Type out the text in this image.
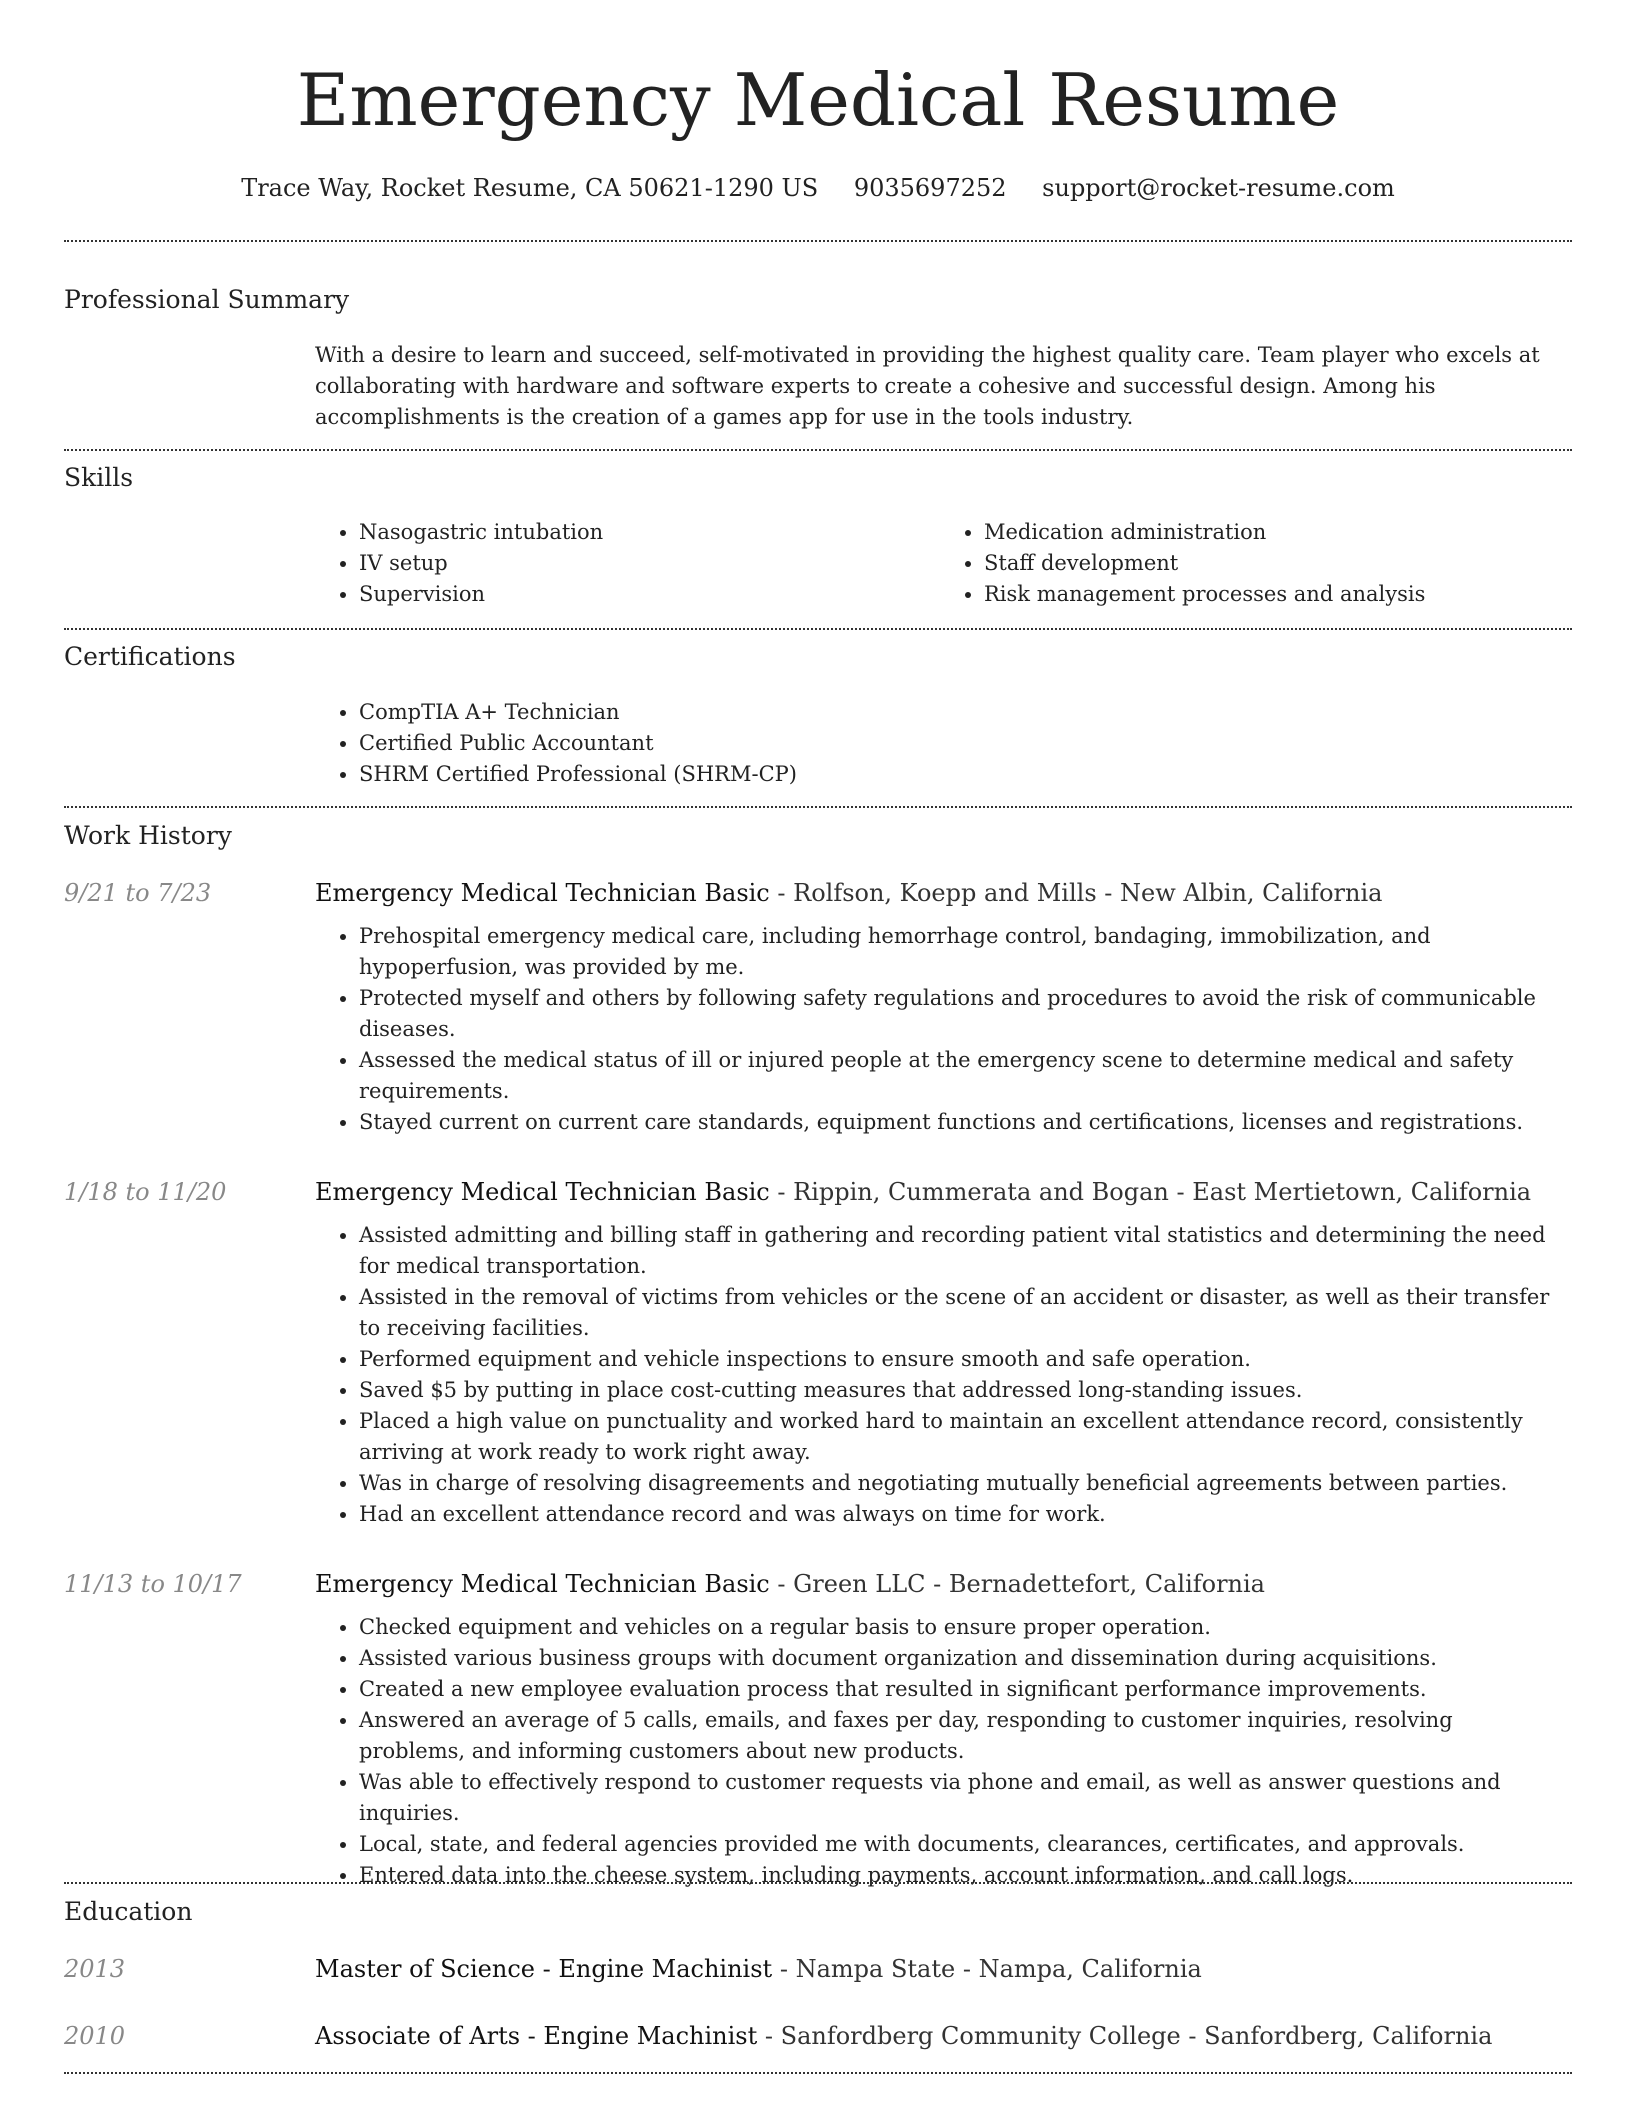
Emergency Medical Resume
Trace Way, Rocket Resume, CA 50621-1290 US 9035697252 support@rocket-resume.com
Professional Summary

With a desire to learn and succeed, self-motivated in providing the highest quality care. Team player who excels at collaborating with hardware and software experts to create a cohesive and successful design. Among his accomplishments is the creation of a games app for use in the tools industry.

Skills
• Nasogastric intubation
• IV setup
• Supervision
• Medication administration
• Staff development
• Risk management processes and analysis
Certifications
• CompTIA A+ Technician
• Certified Public Accountant
• SHRM Certified Professional (SHRM-CP)
Work History
9/21 to 7/23	Emergency Medical Technician Basic - Rolfson, Koepp and Mills - New Albin, California

• Prehospital emergency medical care, including hemorrhage control, bandaging, immobilization, and hypoperfusion, was provided by me.
• Protected myself and others by following safety regulations and procedures to avoid the risk of communicable diseases.
• Assessed the medical status of ill or injured people at the emergency scene to determine medical and safety requirements.
• Stayed current on current care standards, equipment functions and certifications, licenses and registrations.
1/18 to 11/20	Emergency Medical Technician Basic - Rippin, Cummerata and Bogan - East Mertietown, California

• Assisted admitting and billing staff in gathering and recording patient vital statistics and determining the need for medical transportation.
• Assisted in the removal of victims from vehicles or the scene of an accident or disaster, as well as their transfer to receiving facilities.
• Performed equipment and vehicle inspections to ensure smooth and safe operation.
• Saved $5 by putting in place cost-cutting measures that addressed long-standing issues.
• Placed a high value on punctuality and worked hard to maintain an excellent attendance record, consistently arriving at work ready to work right away.
• Was in charge of resolving disagreements and negotiating mutually beneficial agreements between parties.
• Had an excellent attendance record and was always on time for work.
11/13 to 10/17	Emergency Medical Technician Basic - Green LLC - Bernadettefort, California

• Checked equipment and vehicles on a regular basis to ensure proper operation.
• Assisted various business groups with document organization and dissemination during acquisitions.
• Created a new employee evaluation process that resulted in significant performance improvements.
• Answered an average of 5 calls, emails, and faxes per day, responding to customer inquiries, resolving problems, and informing customers about new products.
• Was able to effectively respond to customer requests via phone and email, as well as answer questions and inquiries.
• Local, state, and federal agencies provided me with documents, clearances, certificates, and approvals.
• Entered data into the cheese system, including payments, account information, and call logs.
Education
2013	Master of Science - Engine Machinist - Nampa State - Nampa, California

2010	Associate of Arts - Engine Machinist - Sanfordberg Community College - Sanfordberg, California
